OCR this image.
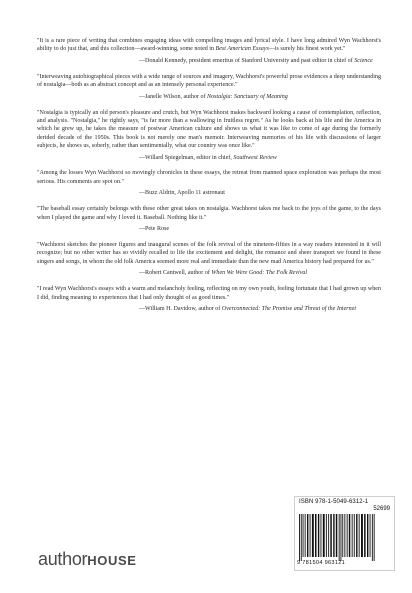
"It is a rare piece of writing that combines engaging ideas with compelling images and lyrical style. I have long admired Wyn Wachhorst's ability to do just that, and this collection—award-winning, some noted in Best American Essays—is surely his finest work yet."

—Donald Kennedy, president emeritus of Stanford University and past editor in chief of Science

"Interweaving autobiographical pieces with a wide range of sources and imagery, Wachhorst's powerful prose evidences a deep understanding of nostalgia—both as an abstract concept and as an intensely personal experience."

—Janelle Wilson, author of Nostalgia: Sanctuary of Meaning

"Nostalgia is typically an old person's pleasure and crutch, but Wyn Wachhorst makes backward looking a cause of contemplation, reflection, and analysis. "Nostalgia," he rightly says, "is far more than a wallowing in fruitless regret." As he looks back at his life and the America in which he grew up, he takes the measure of postwar American culture and shows us what it was like to come of age during the formerly derided decade of the 1950s. This book is not merely one man's memoir. Interweaving memories of his life with discussions of larger subjects, he shows us, soberly, rather than sentimentally, what our country was once like."

—Willard Spiegelman, editor in chief, Southwest Review

"Among the losses Wyn Wachhorst so movingly chronicles in these essays, the retreat from manned space exploration was perhaps the most serious. His comments are spot on."

—Buzz Aldrin, Apollo 11 astronaut

"The baseball essay certainly belongs with these other great takes on nostalgia. Wachhorst takes me back to the joys of the game, to the days when I played the game and why I loved it. Baseball. Nothing like it."

—Pete Rose

"Wachhorst sketches the pioneer figures and inaugural scenes of the folk revival of the nineteen-fifties in a way readers interested in it will recognize; but no other writer has so vividly recalled to life the excitement and delight, the romance and sheer transport we found in these singers and songs, in whom the old folk America seemed more real and immediate than the new mad America history had prepared for us."

—Robert Cantwell, author of When We Were Good: The Folk Revival

"I read Wyn Wachhorst's essays with a warm and melancholy feeling, reflecting on my own youth, feeling fortunate that I had grown up when I did, finding meaning to experiences that I had only thought of as good times."

—William H. Davidow, author of Overconnected: The Promise and Threat of the Internet

ISBN 978-1-5049-6312-1
52699
9 781504 963121
authorHOUSE
